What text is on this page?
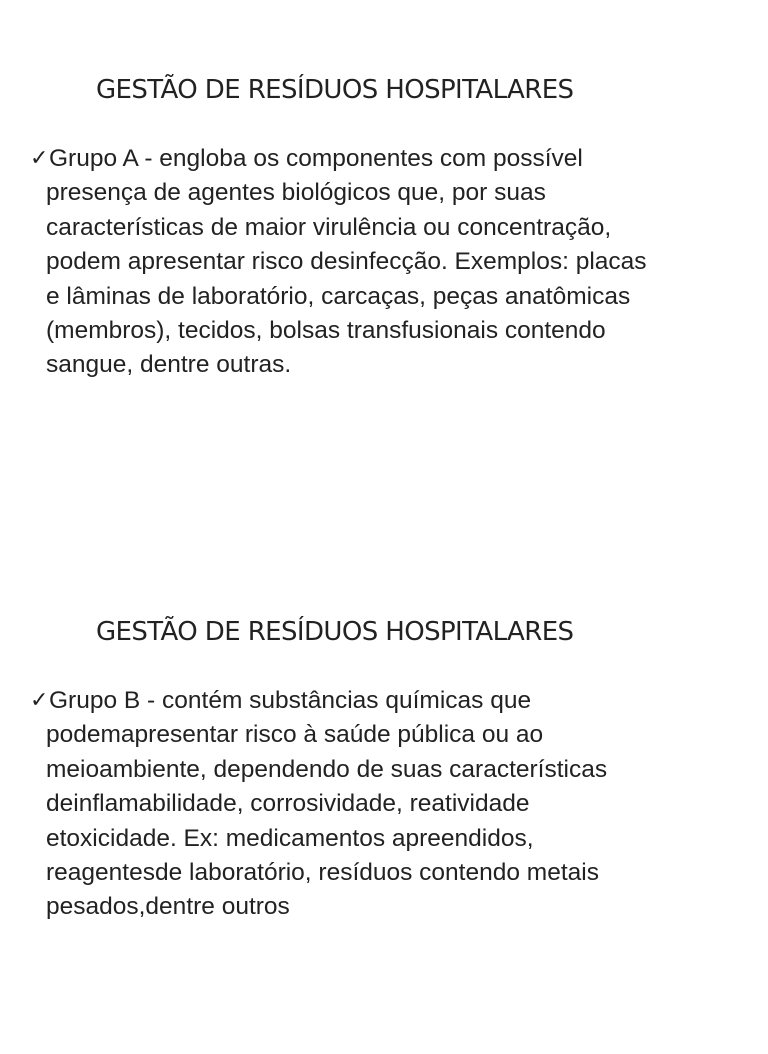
GESTÃO DE RESÍDUOS HOSPITALARES
✓ Grupo A - engloba os componentes com possível
presença de agentes biológicos que, por suas
características de maior virulência ou concentração,
podem apresentar risco desinfecção. Exemplos: placas
e lâminas de laboratório, carcaças, peças anatômicas
(membros), tecidos, bolsas transfusionais contendo
sangue, dentre outras.
GESTÃO DE RESÍDUOS HOSPITALARES
✓ Grupo B - contém substâncias químicas que
podemapresentar risco à saúde pública ou ao
meioambiente, dependendo de suas características
deinflamabilidade, corrosividade, reatividade
etoxicidade. Ex: medicamentos apreendidos,
reagentesde laboratório, resíduos contendo metais
pesados,dentre outros
